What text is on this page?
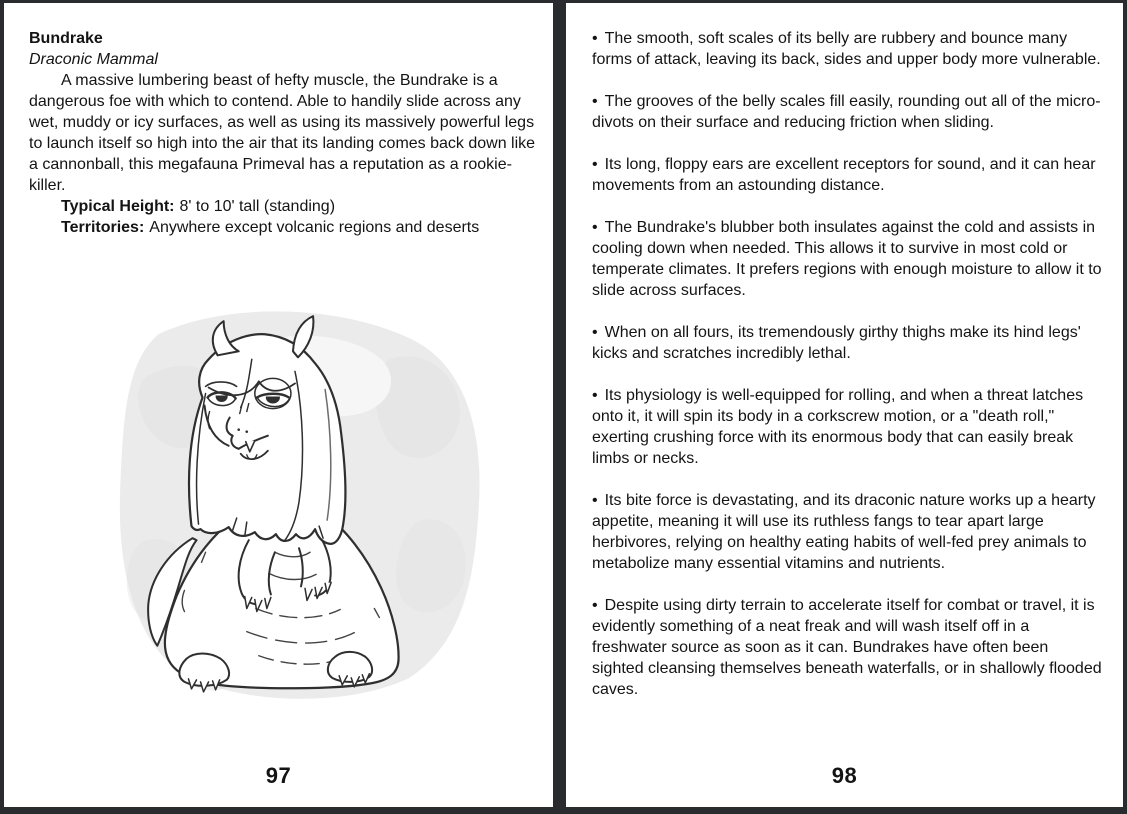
Bundrake
Draconic Mammal

A massive lumbering beast of hefty muscle, the Bundrake is a dangerous foe with which to contend. Able to handily slide across any wet, muddy or icy surfaces, as well as using its massively powerful legs to launch itself so high into the air that its landing comes back down like a cannonball, this megafauna Primeval has a reputation as a rookie-killer.

Typical Height: 8' to 10' tall (standing)
Territories: Anywhere except volcanic regions and deserts
97

• The smooth, soft scales of its belly are rubbery and bounce many forms of attack, leaving its back, sides and upper body more vulnerable.

• The grooves of the belly scales fill easily, rounding out all of the micro-divots on their surface and reducing friction when sliding.

• Its long, floppy ears are excellent receptors for sound, and it can hear movements from an astounding distance.

• The Bundrake's blubber both insulates against the cold and assists in cooling down when needed. This allows it to survive in most cold or temperate climates. It prefers regions with enough moisture to allow it to slide across surfaces.

• When on all fours, its tremendously girthy thighs make its hind legs' kicks and scratches incredibly lethal.

• Its physiology is well-equipped for rolling, and when a threat latches onto it, it will spin its body in a corkscrew motion, or a "death roll," exerting crushing force with its enormous body that can easily break limbs or necks.

• Its bite force is devastating, and its draconic nature works up a hearty appetite, meaning it will use its ruthless fangs to tear apart large herbivores, relying on healthy eating habits of well-fed prey animals to metabolize many essential vitamins and nutrients.

• Despite using dirty terrain to accelerate itself for combat or travel, it is evidently something of a neat freak and will wash itself off in a freshwater source as soon as it can. Bundrakes have often been sighted cleansing themselves beneath waterfalls, or in shallowly flooded caves.

98
